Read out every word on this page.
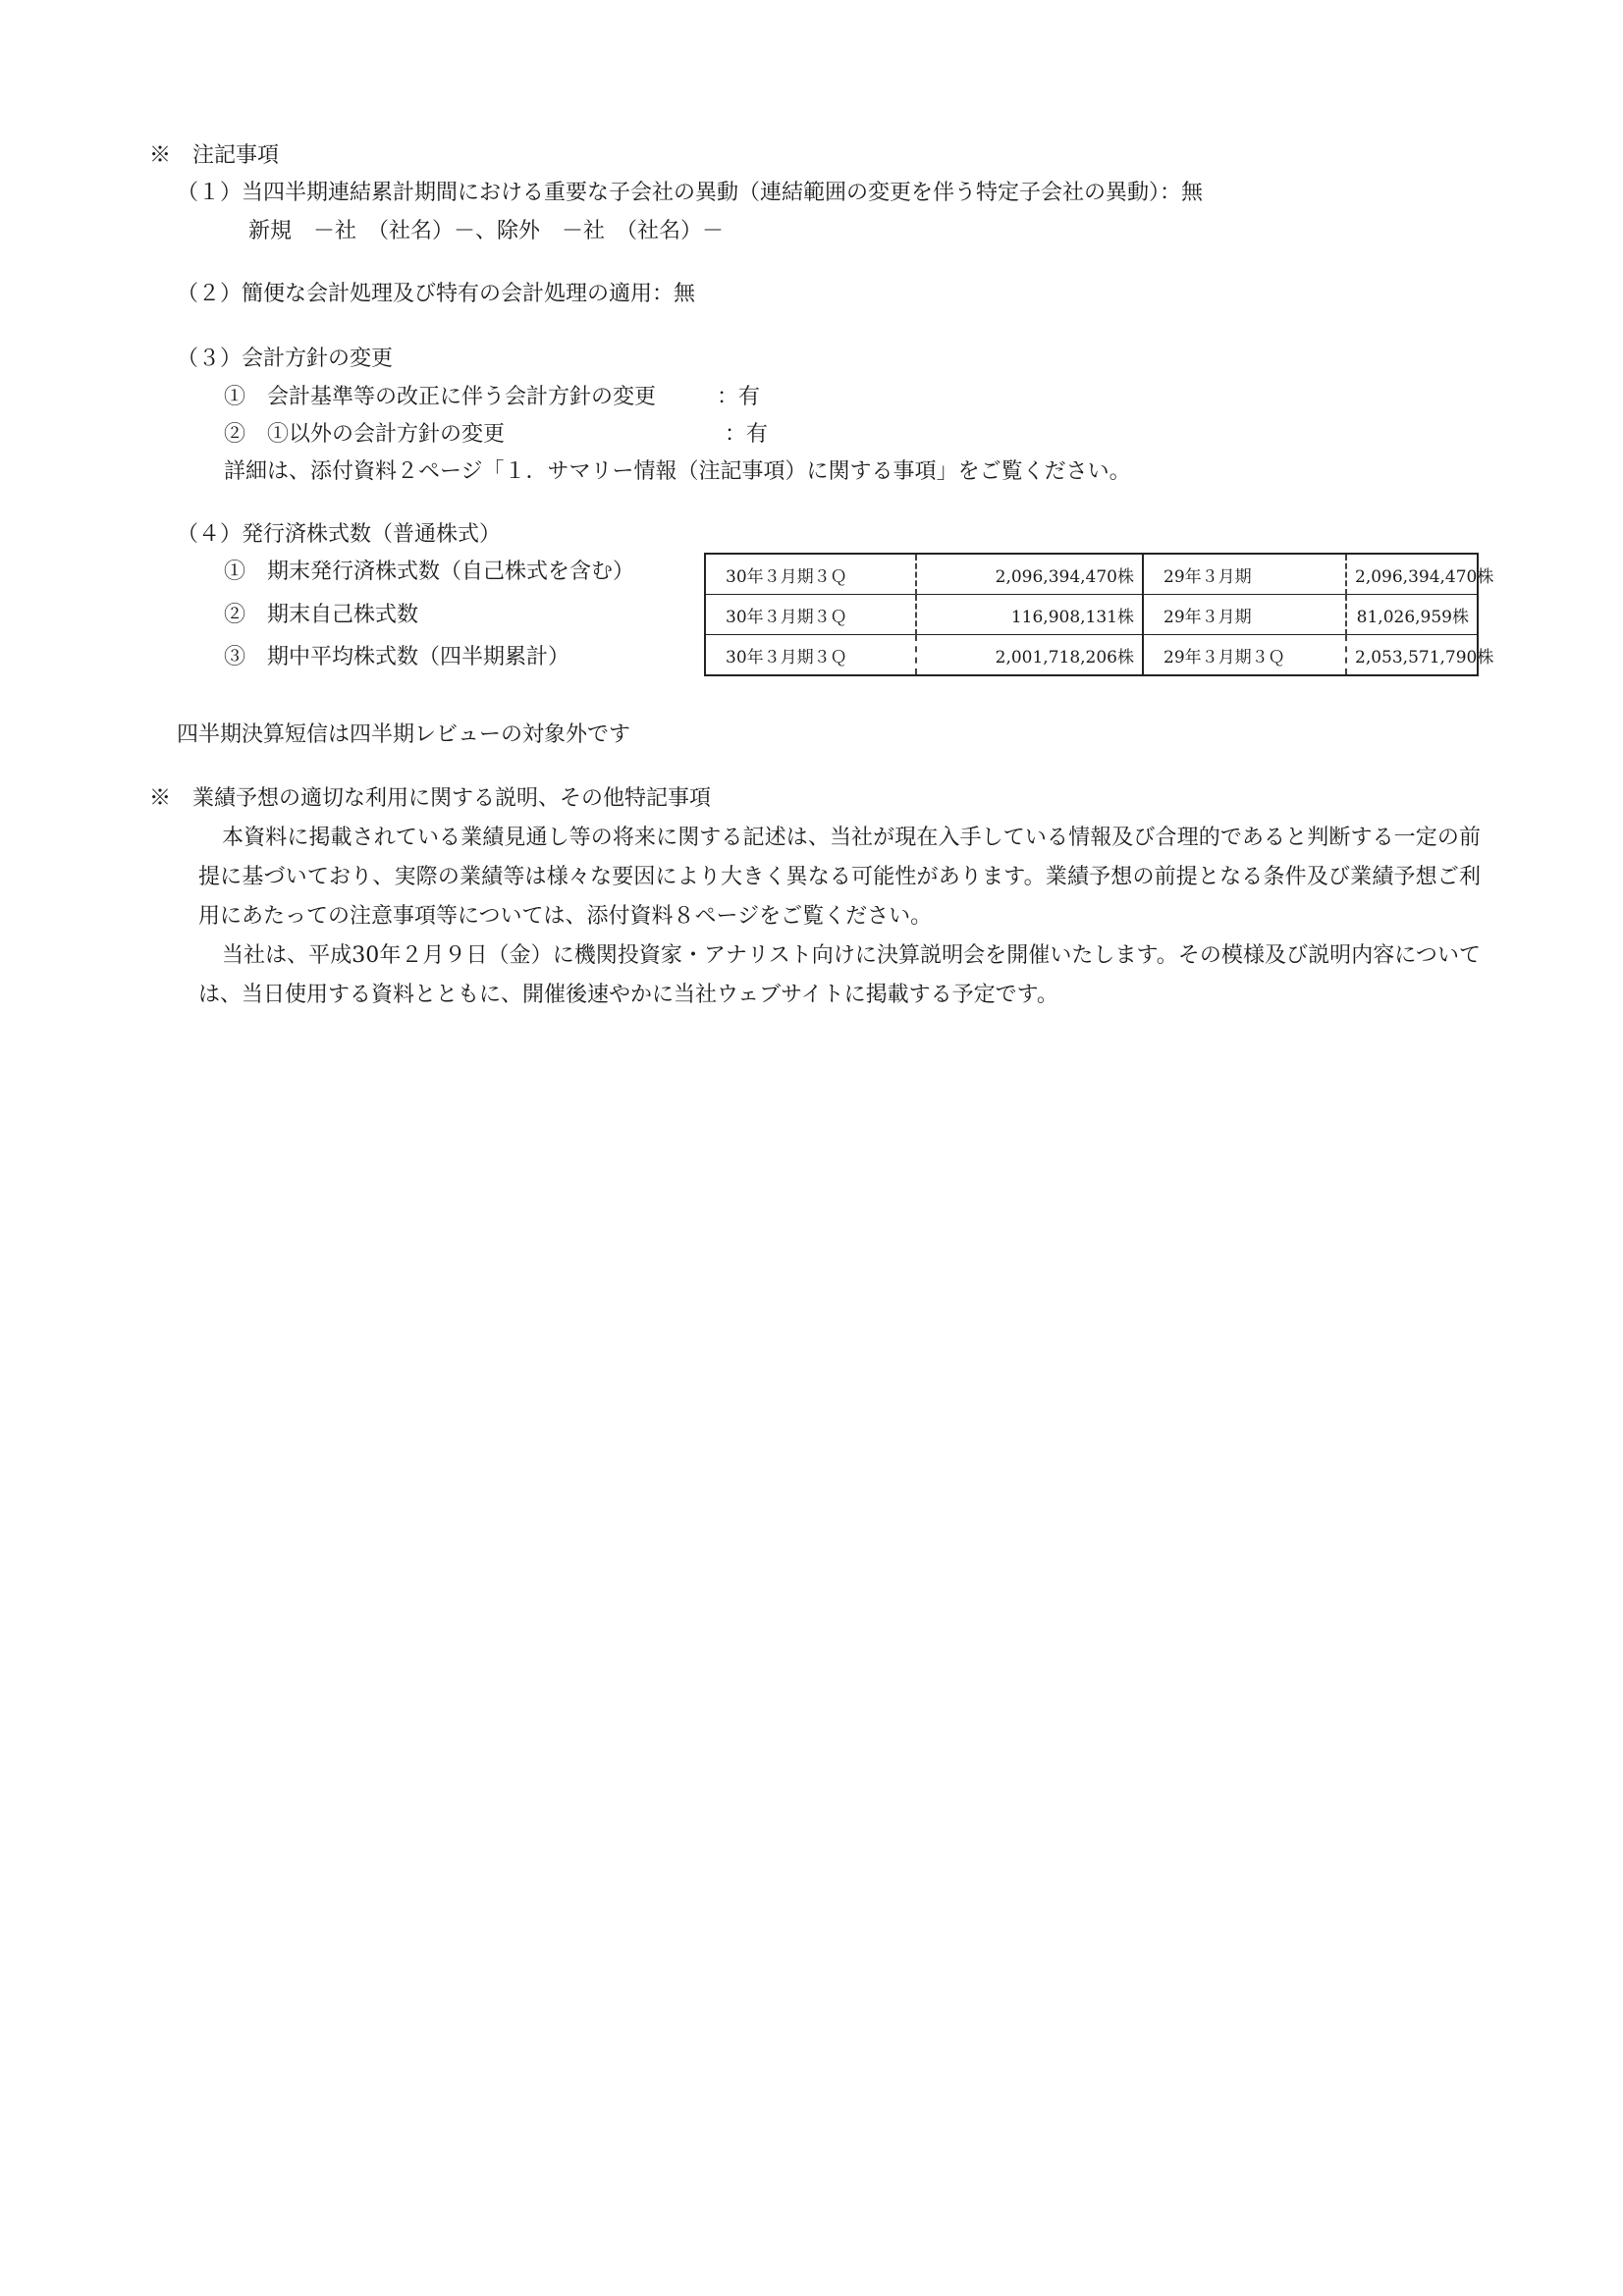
※　注記事項
（１）当四半期連結累計期間における重要な子会社の異動（連結範囲の変更を伴う特定子会社の異動）：無
新規　－社　（社名）－、除外　－社　（社名）－
（２）簡便な会計処理及び特有の会計処理の適用：無
（３）会計方針の変更
①　会計基準等の改正に伴う会計方針の変更	：有
②　①以外の会計方針の変更	：有
詳細は、添付資料２ページ「１．サマリー情報（注記事項）に関する事項」をご覧ください。
（４）発行済株式数（普通株式）
①　期末発行済株式数（自己株式を含む）
②　期末自己株式数
③　期中平均株式数（四半期累計）
30年３月期３Ｑ	2,096,394,470株	29年３月期	2,096,394,470株
30年３月期３Ｑ	116,908,131株	29年３月期	81,026,959株
30年３月期３Ｑ	2,001,718,206株	29年３月期３Ｑ	2,053,571,790株
四半期決算短信は四半期レビューの対象外です
※　業績予想の適切な利用に関する説明、その他特記事項
本資料に掲載されている業績見通し等の将来に関する記述は、当社が現在入手している情報及び合理的であると判断する一定の前提に基づいており、実際の業績等は様々な要因により大きく異なる可能性があります。業績予想の前提となる条件及び業績予想ご利用にあたっての注意事項等については、添付資料８ページをご覧ください。
当社は、平成30年２月９日（金）に機関投資家・アナリスト向けに決算説明会を開催いたします。その模様及び説明内容については、当日使用する資料とともに、開催後速やかに当社ウェブサイトに掲載する予定です。
